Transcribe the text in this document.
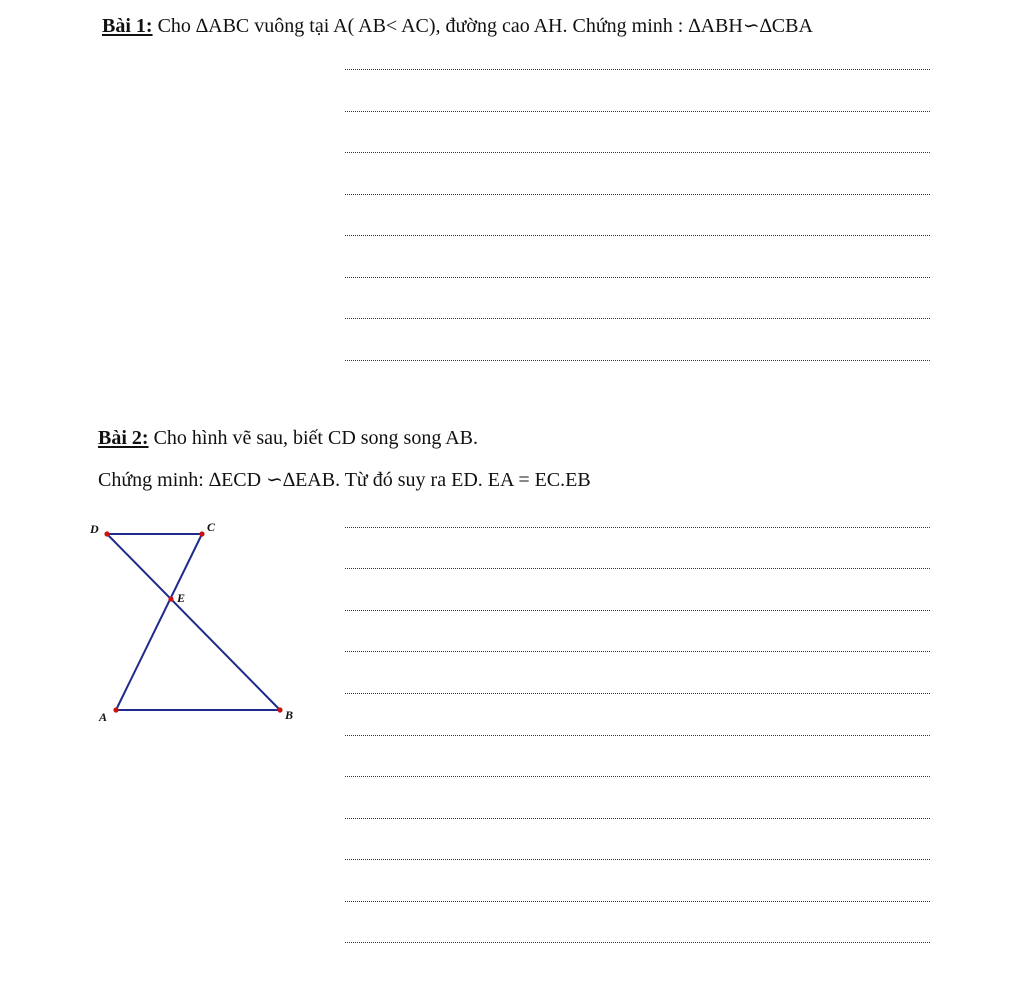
Bài 1: Cho ∆ABC vuông tại A( AB< AC), đường cao AH. Chứng minh : ∆ABH∽∆CBA
Bài 2: Cho hình vẽ sau, biết CD song song AB.
Chứng minh: ∆ECD ∽∆EAB. Từ đó suy ra ED. EA = EC.EB
D	C
E
A	B
